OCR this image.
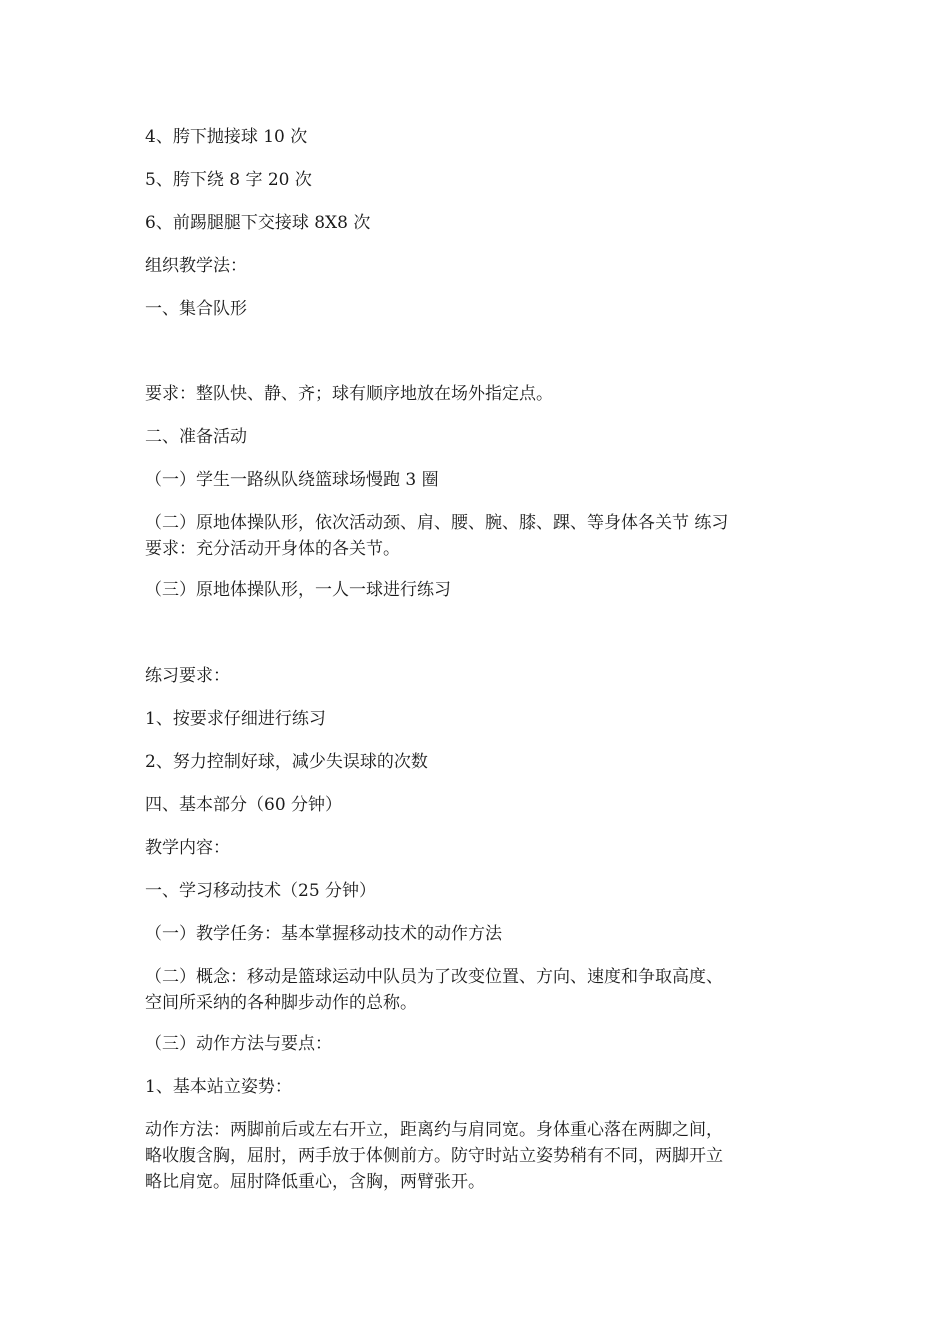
4、胯下抛接球 10 次
5、胯下绕 8 字 20 次
6、前踢腿腿下交接球 8X8 次
组织教学法：
一、集合队形
要求：整队快、静、齐；球有顺序地放在场外指定点。
二、准备活动
（一）学生一路纵队绕篮球场慢跑 3 圈
（二）原地体操队形，依次活动颈、肩、腰、腕、膝、踝、等身体各关节 练习
要求：充分活动开身体的各关节。
（三）原地体操队形，一人一球进行练习
练习要求：
1、按要求仔细进行练习
2、努力控制好球，减少失误球的次数
四、基本部分（60 分钟）
教学内容：
一、学习移动技术（25 分钟）
（一）教学任务：基本掌握移动技术的动作方法
（二）概念：移动是篮球运动中队员为了改变位置、方向、速度和争取高度、
空间所采纳的各种脚步动作的总称。
（三）动作方法与要点：
1、基本站立姿势：
动作方法：两脚前后或左右开立，距离约与肩同宽。身体重心落在两脚之间，
略收腹含胸，屈肘，两手放于体侧前方。防守时站立姿势稍有不同，两脚开立
略比肩宽。屈肘降低重心，含胸，两臂张开。
